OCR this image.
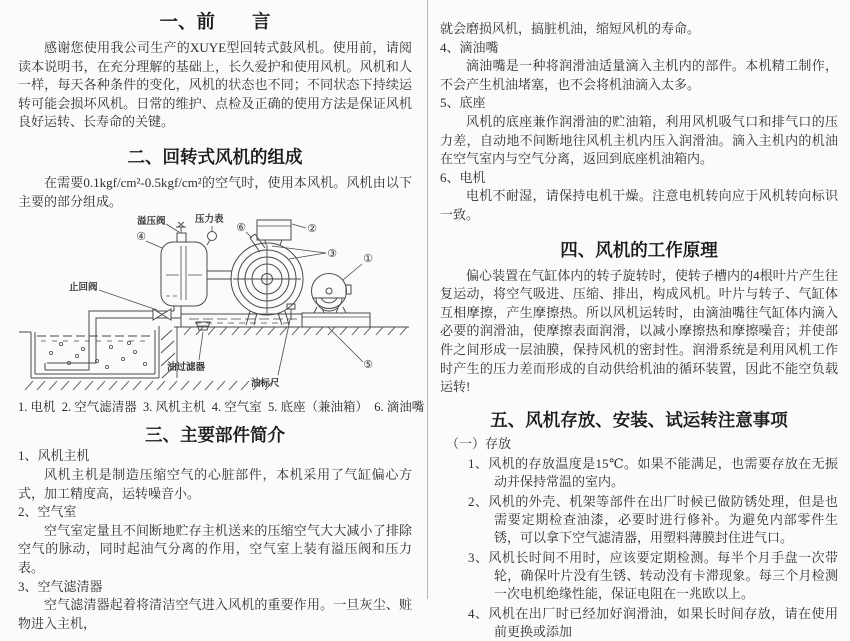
一、前　　言

感谢您使用我公司生产的XUYE型回转式鼓风机。使用前，请阅读本说明书，在充分理解的基础上，长久爱护和使用风机。风机和人一样，每天各种条件的变化，风机的状态也不同；不同状态下持续运转可能会损坏风机。日常的维护、点检及正确的使用方法是保证风机良好运转、长寿命的关键。

二、回转式风机的组成

在需要0.1kgf/cm²-0.5kgf/cm²的空气时，使用本风机。风机由以下主要的部分组成。

溢压阀	压力表
止回阀
油过滤器
油标尺
④
⑥	②
③ ①
⑤
1. 电机  2. 空气滤清器  3. 风机主机  4. 空气室  5. 底座（兼油箱）  6. 滴油嘴
三、主要部件简介

1、风机主机

风机主机是制造压缩空气的心脏部件，本机采用了气缸偏心方式，加工精度高，运转噪音小。

2、空气室

空气室定量且不间断地贮存主机送来的压缩空气大大减小了排除空气的脉动，同时起油气分离的作用，空气室上装有溢压阀和压力表。

3、空气滤清器

空气滤清器起着将清洁空气进入风机的重要作用。一旦灰尘、赃物进入主机，

就会磨损风机，搞脏机油，缩短风机的寿命。

4、滴油嘴

滴油嘴是一种将润滑油适量滴入主机内的部件。本机精工制作，不会产生机油堵塞，也不会将机油滴入太多。

5、底座

风机的底座兼作润滑油的贮油箱，利用风机吸气口和排气口的压力差，自动地不间断地往风机主机内压入润滑油。滴入主机内的机油在空气室内与空气分离，返回到底座机油箱内。

6、电机

电机不耐湿，请保持电机干燥。注意电机转向应于风机转向标识一致。

四、风机的工作原理

偏心装置在气缸体内的转子旋转时，使转子槽内的4根叶片产生往复运动，将空气吸进、压缩、排出，构成风机。叶片与转子、气缸体互相摩擦，产生摩擦热。所以风机运转时，由滴油嘴往气缸体内滴入必要的润滑油，使摩擦表面润滑，以减小摩擦热和摩擦噪音；并使部件之间形成一层油膜，保持风机的密封性。润滑系统是利用风机工作时产生的压力差而形成的自动供给机油的循环装置，因此不能空负载运转!

五、风机存放、安装、试运转注意事项

（一）存放

1、风机的存放温度是15℃。如果不能满足，也需要存放在无振动并保持常温的室内。

2、风机的外壳、机架等部件在出厂时候已做防锈处理，但是也需要定期检查油漆，必要时进行修补。为避免内部零件生锈，可以拿下空气滤清器，用塑料薄膜封住进气口。

3、风机长时间不用时，应该要定期检测。每半个月手盘一次带轮，确保叶片没有生锈、转动没有卡滞现象。每三个月检测一次电机绝缘性能，保证电阻在一兆欧以上。

4、风机在出厂时已经加好润滑油，如果长时间存放，请在使用前更换或添加
